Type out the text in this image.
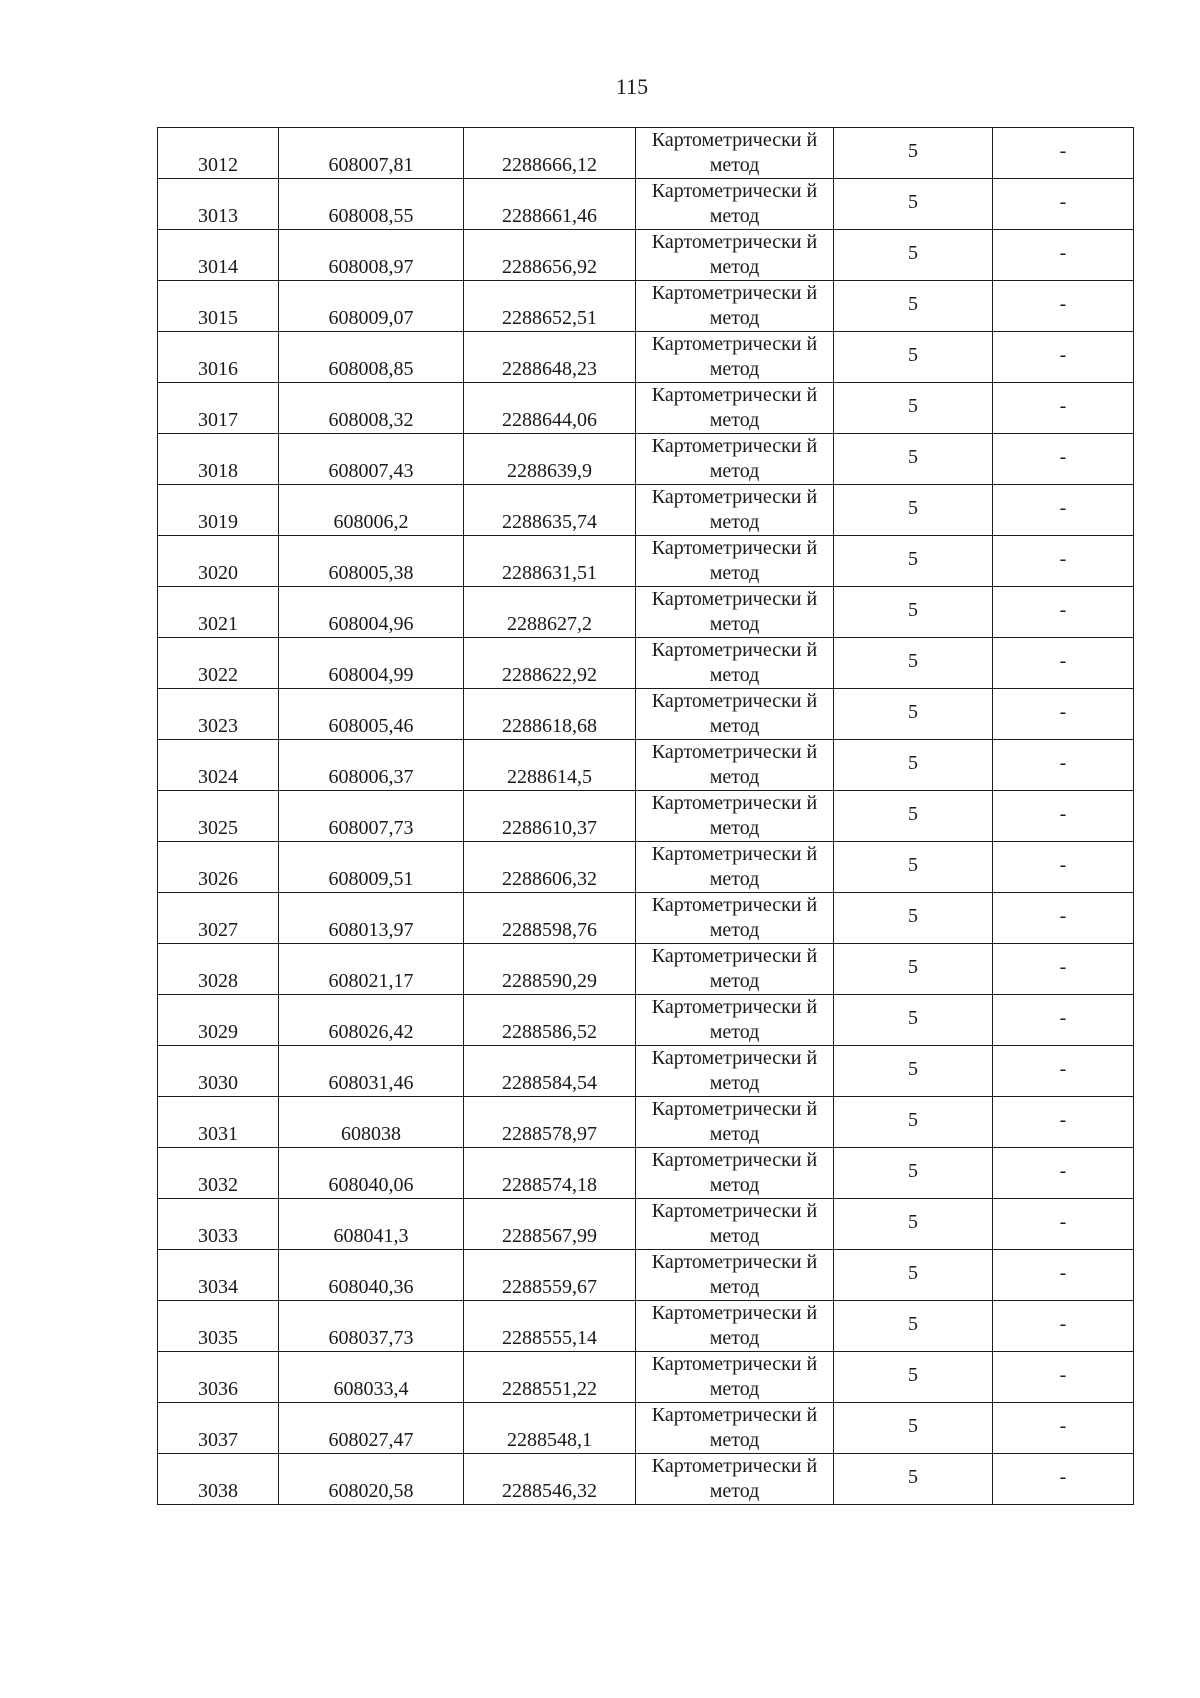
115
3012	608007,81	2288666,12	Картометрически й метод	5	-
3013	608008,55	2288661,46	Картометрически й метод	5	-
3014	608008,97	2288656,92	Картометрически й метод	5	-
3015	608009,07	2288652,51	Картометрически й метод	5	-
3016	608008,85	2288648,23	Картометрически й метод	5	-
3017	608008,32	2288644,06	Картометрически й метод	5	-
3018	608007,43	2288639,9	Картометрически й метод	5	-
3019	608006,2	2288635,74	Картометрически й метод	5	-
3020	608005,38	2288631,51	Картометрически й метод	5	-
3021	608004,96	2288627,2	Картометрически й метод	5	-
3022	608004,99	2288622,92	Картометрически й метод	5	-
3023	608005,46	2288618,68	Картометрически й метод	5	-
3024	608006,37	2288614,5	Картометрически й метод	5	-
3025	608007,73	2288610,37	Картометрически й метод	5	-
3026	608009,51	2288606,32	Картометрически й метод	5	-
3027	608013,97	2288598,76	Картометрически й метод	5	-
3028	608021,17	2288590,29	Картометрически й метод	5	-
3029	608026,42	2288586,52	Картометрически й метод	5	-
3030	608031,46	2288584,54	Картометрически й метод	5	-
3031	608038	2288578,97	Картометрически й метод	5	-
3032	608040,06	2288574,18	Картометрически й метод	5	-
3033	608041,3	2288567,99	Картометрически й метод	5	-
3034	608040,36	2288559,67	Картометрически й метод	5	-
3035	608037,73	2288555,14	Картометрически й метод	5	-
3036	608033,4	2288551,22	Картометрически й метод	5	-
3037	608027,47	2288548,1	Картометрически й метод	5	-
3038	608020,58	2288546,32	Картометрически й метод	5	-
